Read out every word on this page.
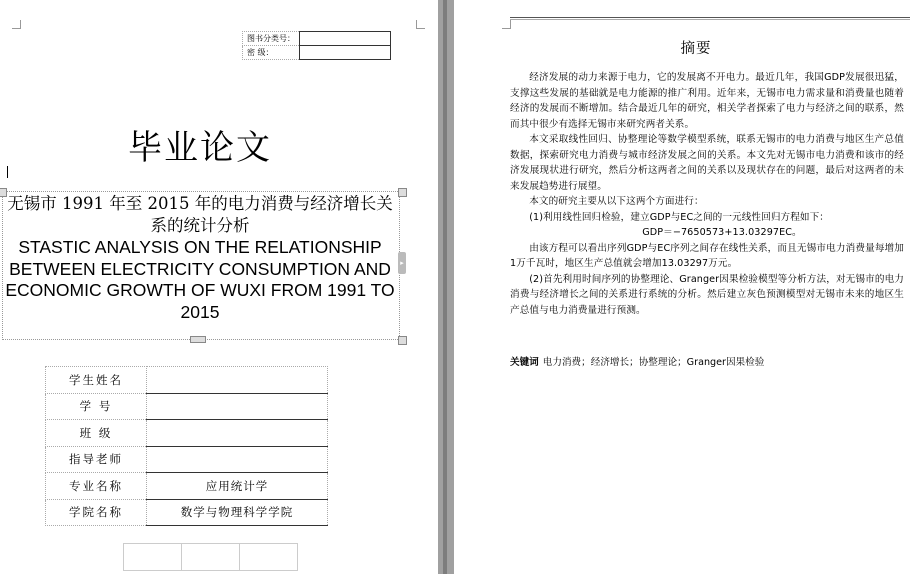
图书分类号：	
密 级：	
毕业论文
▸
无锡市 1991 年至 2015 年的电力消费与经济增长关系的统计分析
STASTIC ANALYSIS ON THE RELATIONSHIP BETWEEN ELECTRICITY CONSUMPTION AND ECONOMIC GROWTH OF WUXI FROM 1991 TO 2015
学生姓名	
学 号	
班 级	
指导老师	
专业名称	应用统计学
学院名称	数学与物理科学学院

摘要

经济发展的动力来源于电力，它的发展离不开电力。最近几年，我国GDP发展很迅猛，支撑这些发展的基础就是电力能源的推广利用。近年来，无锡市电力需求量和消费量也随着经济的发展而不断增加。结合最近几年的研究，相关学者探索了电力与经济之间的联系，然而其中很少有选择无锡市来研究两者关系。

本文采取线性回归、协整理论等数学模型系统，联系无锡市的电力消费与地区生产总值数据，探索研究电力消费与城市经济发展之间的关系。本文先对无锡市电力消费和该市的经济发展现状进行研究，然后分析这两者之间的关系以及现状存在的问题，最后对这两者的未来发展趋势进行展望。

本文的研究主要从以下这两个方面进行：

(1)利用线性回归检验，建立GDP与EC之间的一元线性回归方程如下：

GDP＝−7650573+13.03297EC。

由该方程可以看出序列GDP与EC序列之间存在线性关系，而且无锡市电力消费量每增加1万千瓦时，地区生产总值就会增加13.03297万元。

(2)首先利用时间序列的协整理论、Granger因果检验模型等分析方法，对无锡市的电力消费与经济增长之间的关系进行系统的分析。然后建立灰色预测模型对无锡市未来的地区生产总值与电力消费量进行预测。

关键词 电力消费；经济增长；协整理论；Granger因果检验
